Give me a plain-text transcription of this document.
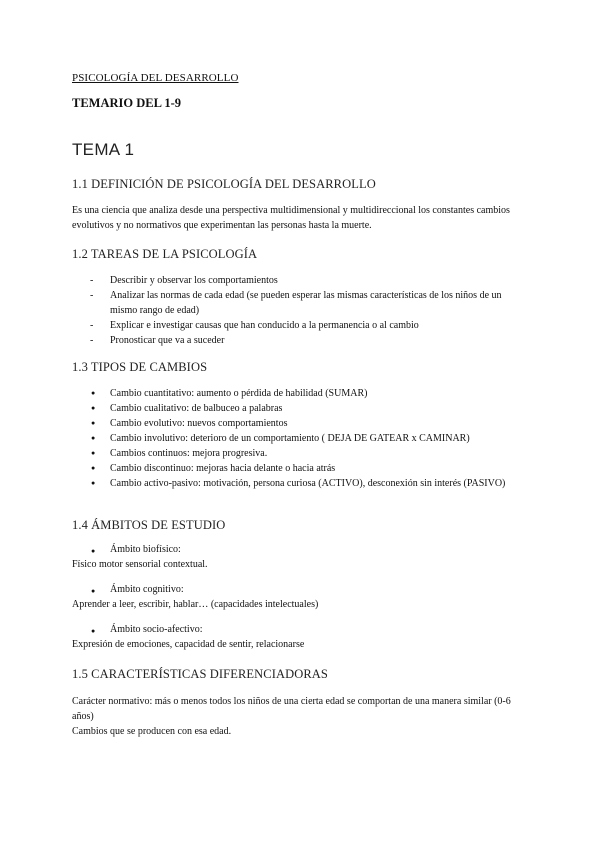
PSICOLOGÍA DEL DESARROLLO
TEMARIO DEL 1-9
TEMA 1
1.1 DEFINICIÓN DE PSICOLOGÍA DEL DESARROLLO
Es una ciencia que analiza desde una perspectiva multidimensional y multidireccional los constantes cambios evolutivos y no normativos que experimentan las personas hasta la muerte.
1.2 TAREAS DE LA PSICOLOGÍA
- Describir y observar los comportamientos
- Analizar las normas de cada edad (se pueden esperar las mismas características de los niños de un mismo rango de edad)
- Explicar e investigar causas que han conducido a la permanencia o al cambio
- Pronosticar que va a suceder
1.3 TIPOS DE CAMBIOS
● Cambio cuantitativo: aumento o pérdida de habilidad (SUMAR)
● Cambio cualitativo: de balbuceo a palabras
● Cambio evolutivo: nuevos comportamientos
● Cambio involutivo: deterioro de un comportamiento ( DEJA DE GATEAR x CAMINAR)
● Cambios continuos: mejora progresiva.
● Cambio discontinuo: mejoras hacia delante o hacia atrás
● Cambio activo-pasivo: motivación, persona curiosa (ACTIVO), desconexión sin interés (PASIVO)
1.4 ÁMBITOS DE ESTUDIO
● Ámbito biofísico:
Físico motor sensorial contextual.
● Ámbito cognitivo:
Aprender a leer, escribir, hablar… (capacidades intelectuales)
● Ámbito socio-afectivo:
Expresión de emociones, capacidad de sentir, relacionarse
1.5 CARACTERÍSTICAS DIFERENCIADORAS
Carácter normativo: más o menos todos los niños de una cierta edad se comportan de una manera similar (0-6 años)
Cambios que se producen con esa edad.
